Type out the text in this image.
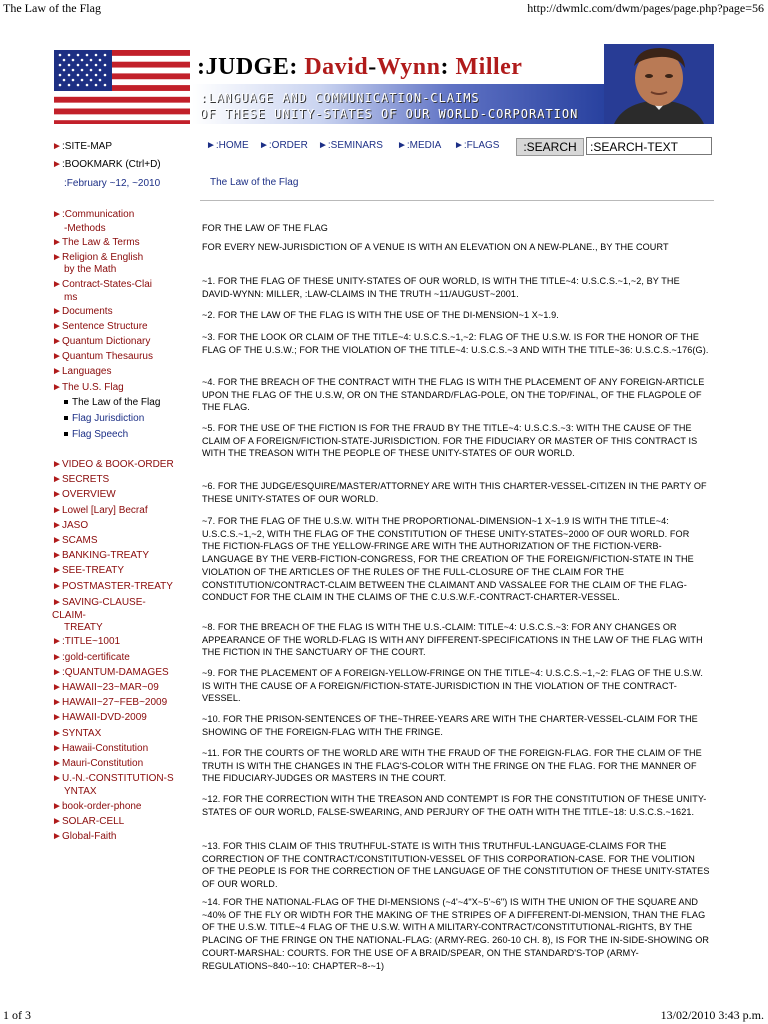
The Law of the Flag	http://dwmlc.com/dwm/pages/page.php?page=56
:JUDGE: David-Wynn: Miller
:LANGUAGE AND COMMUNICATION-CLAIMS
OF THESE UNITY-STATES OF OUR WORLD-CORPORATION
►:HOME ►:ORDER ►:SEMINARS ►:MEDIA ►:FLAGS	:SEARCH	:SEARCH-TEXT
►:SITE-MAP
►:BOOKMARK (Ctrl+D)
:February ~12, ~2010
►:Communication
-Methods
►The Law & Terms
►Religion & English
by the Math
►Contract-States-Clai
ms
►Documents
►Sentence Structure
►Quantum Dictionary
►Quantum Thesaurus
►Languages
►The U.S. Flag
The Law of the Flag
Flag Jurisdiction
Flag Speech
►VIDEO & BOOK-ORDER
►SECRETS
►OVERVIEW
►Lowel [Lary] Becraf
►JASO
►SCAMS
►BANKING-TREATY
►SEE-TREATY
►POSTMASTER-TREATY
►SAVING-CLAUSE-
CLAIM-
TREATY
►:TITLE~1001
►:gold-certificate
►:QUANTUM-DAMAGES
►HAWAII~23~MAR~09
►HAWAII~27~FEB~2009
►HAWAII-DVD-2009
►SYNTAX
►Hawaii-Constitution
►Mauri-Constitution
►U.-N.-CONSTITUTION-S
YNTAX
►book-order-phone
►SOLAR-CELL
►Global-Faith
The Law of the Flag

FOR THE LAW OF THE FLAG

FOR EVERY NEW-JURISDICTION OF A VENUE IS WITH AN ELEVATION ON A NEW-PLANE., BY THE COURT

~1. FOR THE FLAG OF THESE UNITY-STATES OF OUR WORLD, IS WITH THE TITLE~4: U.S.C.S.~1,~2, BY THE DAVID-WYNN: MILLER, :LAW-CLAIMS IN THE TRUTH ~11/AUGUST~2001.

~2. FOR THE LAW OF THE FLAG IS WITH THE USE OF THE DI-MENSION~1 X~1.9.

~3. FOR THE LOOK OR CLAIM OF THE TITLE~4: U.S.C.S.~1,~2: FLAG OF THE U.S.W. IS FOR THE HONOR OF THE FLAG OF THE U.S.W.; FOR THE VIOLATION OF THE TITLE~4: U.S.C.S.~3 AND WITH THE TITLE~36: U.S.C.S.~176(G).

~4. FOR THE BREACH OF THE CONTRACT WITH THE FLAG IS WITH THE PLACEMENT OF ANY FOREIGN-ARTICLE UPON THE FLAG OF THE U.S.W, OR ON THE STANDARD/FLAG-POLE, ON THE TOP/FINAL, OF THE FLAGPOLE OF THE FLAG.

~5. FOR THE USE OF THE FICTION IS FOR THE FRAUD BY THE TITLE~4: U.S.C.S.~3: WITH THE CAUSE OF THE CLAIM OF A FOREIGN/FICTION-STATE-JURISDICTION. FOR THE FIDUCIARY OR MASTER OF THIS CONTRACT IS WITH THE TREASON WITH THE PEOPLE OF THESE UNITY-STATES OF OUR WORLD.

~6. FOR THE JUDGE/ESQUIRE/MASTER/ATTORNEY ARE WITH THIS CHARTER-VESSEL-CITIZEN IN THE PARTY OF THESE UNITY-STATES OF OUR WORLD.

~7. FOR THE FLAG OF THE U.S.W. WITH THE PROPORTIONAL-DIMENSION~1 X~1.9 IS WITH THE TITLE~4: U.S.C.S.~1,~2, WITH THE FLAG OF THE CONSTITUTION OF THESE UNITY-STATES~2000 OF OUR WORLD. FOR THE FICTION-FLAGS OF THE YELLOW-FRINGE ARE WITH THE AUTHORIZATION OF THE FICTION-VERB-LANGUAGE BY THE VERB-FICTION-CONGRESS, FOR THE CREATION OF THE FOREIGN/FICTION-STATE IN THE VIOLATION OF THE ARTICLES OF THE RULES OF THE FULL-CLOSURE OF THE CLAIM FOR THE CONSTITUTION/CONTRACT-CLAIM BETWEEN THE CLAIMANT AND VASSALEE FOR THE CLAIM OF THE FLAG-CONDUCT FOR THE CLAIM IN THE CLAIMS OF THE C.U.S.W.F.-CONTRACT-CHARTER-VESSEL.

~8. FOR THE BREACH OF THE FLAG IS WITH THE U.S.-CLAIM: TITLE~4: U.S.C.S.~3: FOR ANY CHANGES OR APPEARANCE OF THE WORLD-FLAG IS WITH ANY DIFFERENT-SPECIFICATIONS IN THE LAW OF THE FLAG WITH THE FICTION IN THE SANCTUARY OF THE COURT.

~9. FOR THE PLACEMENT OF A FOREIGN-YELLOW-FRINGE ON THE TITLE~4: U.S.C.S.~1,~2: FLAG OF THE U.S.W. IS WITH THE CAUSE OF A FOREIGN/FICTION-STATE-JURISDICTION IN THE VIOLATION OF THE CONTRACT-VESSEL.

~10. FOR THE PRISON-SENTENCES OF THE~THREE-YEARS ARE WITH THE CHARTER-VESSEL-CLAIM FOR THE SHOWING OF THE FOREIGN-FLAG WITH THE FRINGE.

~11. FOR THE COURTS OF THE WORLD ARE WITH THE FRAUD OF THE FOREIGN-FLAG. FOR THE CLAIM OF THE TRUTH IS WITH THE CHANGES IN THE FLAG'S-COLOR WITH THE FRINGE ON THE FLAG. FOR THE MANNER OF THE FIDUCIARY-JUDGES OR MASTERS IN THE COURT.

~12. FOR THE CORRECTION WITH THE TREASON AND CONTEMPT IS FOR THE CONSTITUTION OF THESE UNITY-STATES OF OUR WORLD, FALSE-SWEARING, AND PERJURY OF THE OATH WITH THE TITLE~18: U.S.C.S.~1621.

~13. FOR THIS CLAIM OF THIS TRUTHFUL-STATE IS WITH THIS TRUTHFUL-LANGUAGE-CLAIMS FOR THE CORRECTION OF THE CONTRACT/CONSTITUTION-VESSEL OF THIS CORPORATION-CASE. FOR THE VOLITION OF THE PEOPLE IS FOR THE CORRECTION OF THE LANGUAGE OF THE CONSTITUTION OF THESE UNITY-STATES OF OUR WORLD.

~14. FOR THE NATIONAL-FLAG OF THE DI-MENSIONS (~4'~4"X~5'~6") IS WITH THE UNION OF THE SQUARE AND ~40% OF THE FLY OR WIDTH FOR THE MAKING OF THE STRIPES OF A DIFFERENT-DI-MENSION, THAN THE FLAG OF THE U.S.W. TITLE~4 FLAG OF THE U.S.W. WITH A MILITARY-CONTRACT/CONSTITUTIONAL-RIGHTS, BY THE PLACING OF THE FRINGE ON THE NATIONAL-FLAG: (ARMY-REG. 260-10 CH. 8), IS FOR THE IN-SIDE-SHOWING OR COURT-MARSHAL: COURTS. FOR THE USE OF A BRAID/SPEAR, ON THE STANDARD'S-TOP (ARMY-REGULATIONS~840-~10: CHAPTER~8-~1)

1 of 3	13/02/2010 3:43 p.m.
